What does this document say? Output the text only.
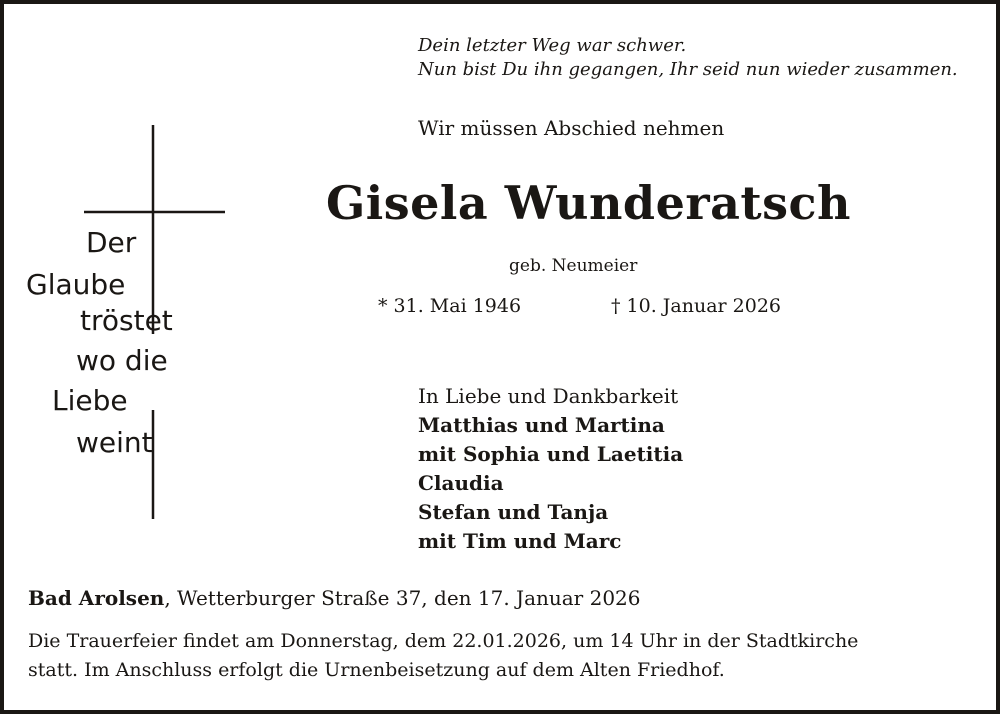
Dein letzter Weg war schwer.
Nun bist Du ihn gegangen, Ihr seid nun wieder zusammen.
Wir müssen Abschied nehmen
Gisela Wunderatsch
geb. Neumeier
* 31. Mai 1946	† 10. Januar 2026
Der
Glaube
tröstet
wo die
Liebe
weint
In Liebe und Dankbarkeit
Matthias und Martina
mit Sophia und Laetitia
Claudia
Stefan und Tanja
mit Tim und Marc
Bad Arolsen, Wetterburger Straße 37, den 17. Januar 2026
Die Trauerfeier findet am Donnerstag, dem 22.01.2026, um 14 Uhr in der Stadtkirche
statt. Im Anschluss erfolgt die Urnenbeisetzung auf dem Alten Friedhof.
